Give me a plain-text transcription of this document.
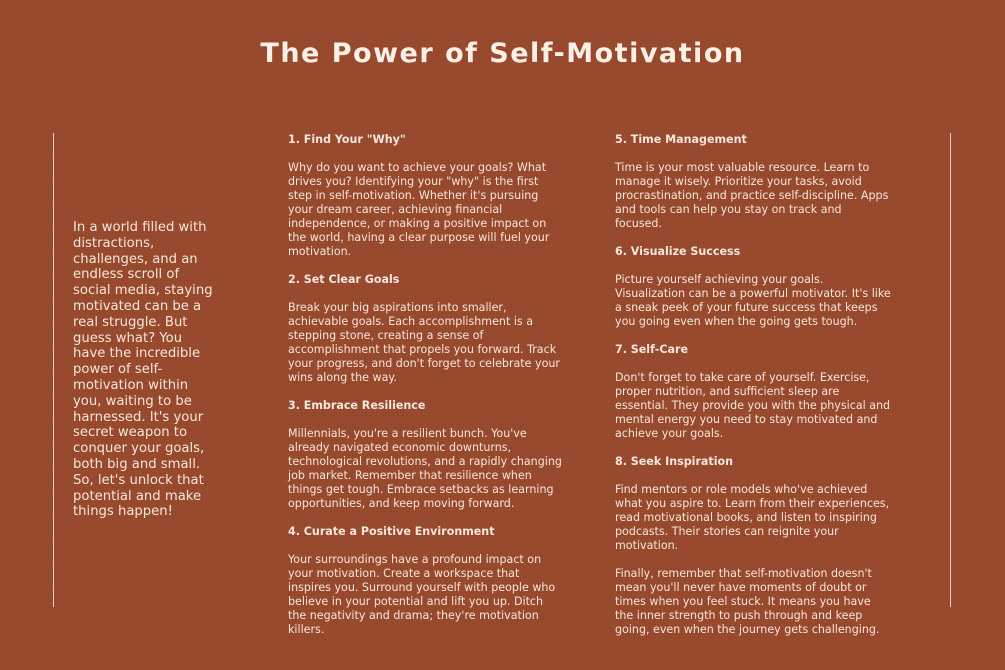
The Power of Self-Motivation
In a world filled with distractions, challenges, and an endless scroll of social media, staying motivated can be a real struggle. But guess what? You have the incredible power of self-motivation within you, waiting to be harnessed. It's your secret weapon to conquer your goals, both big and small. So, let's unlock that potential and make things happen!
1. Find Your "Why"

Why do you want to achieve your goals? What drives you? Identifying your "why" is the first step in self-motivation. Whether it's pursuing your dream career, achieving financial independence, or making a positive impact on the world, having a clear purpose will fuel your motivation.

2. Set Clear Goals

Break your big aspirations into smaller, achievable goals. Each accomplishment is a stepping stone, creating a sense of accomplishment that propels you forward. Track your progress, and don't forget to celebrate your wins along the way.

3. Embrace Resilience

Millennials, you're a resilient bunch. You've already navigated economic downturns, technological revolutions, and a rapidly changing job market. Remember that resilience when things get tough. Embrace setbacks as learning opportunities, and keep moving forward.

4. Curate a Positive Environment

Your surroundings have a profound impact on your motivation. Create a workspace that inspires you. Surround yourself with people who believe in your potential and lift you up. Ditch the negativity and drama; they're motivation killers.

5. Time Management

Time is your most valuable resource. Learn to manage it wisely. Prioritize your tasks, avoid procrastination, and practice self-discipline. Apps and tools can help you stay on track and focused.

6. Visualize Success

Picture yourself achieving your goals. Visualization can be a powerful motivator. It's like a sneak peek of your future success that keeps you going even when the going gets tough.

7. Self-Care

Don't forget to take care of yourself. Exercise, proper nutrition, and sufficient sleep are essential. They provide you with the physical and mental energy you need to stay motivated and achieve your goals.

8. Seek Inspiration

Find mentors or role models who've achieved what you aspire to. Learn from their experiences, read motivational books, and listen to inspiring podcasts. Their stories can reignite your motivation.

Finally, remember that self-motivation doesn't mean you'll never have moments of doubt or times when you feel stuck. It means you have the inner strength to push through and keep going, even when the journey gets challenging.
